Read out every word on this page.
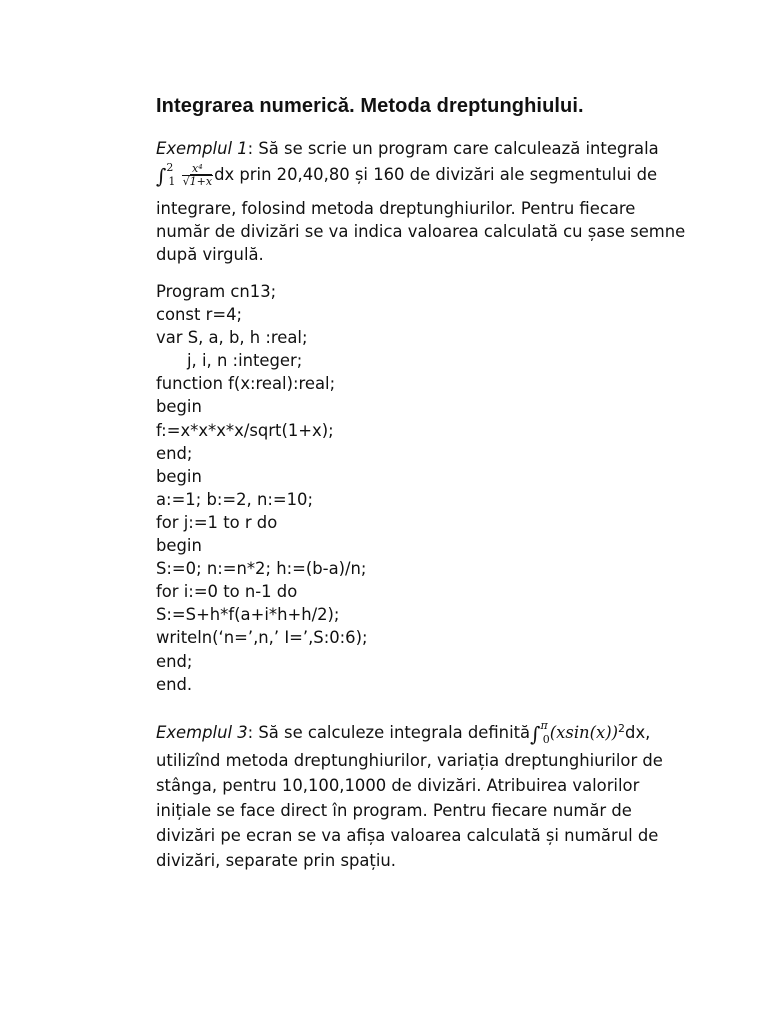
Integrarea numerică. Metoda dreptunghiului.
Exemplul 1: Să se scrie un program care calculează integrala
$\int^2_1 \frac{\text{x⁴}}{√1+x}$ dx prin 20,40,80 și 160 de divizări ale segmentului de
integrare, folosind metoda dreptunghiurilor. Pentru fiecare
număr de divizări se va indica valoarea calculată cu șase semne
după virgulă.
Program cn13;
const r=4;
var S, a, b, h :real;
j, i, n :integer;
function f(x:real):real;
begin
f:=x*x*x*x/sqrt(1+x);
end;
begin
a:=1; b:=2, n:=10;
for j:=1 to r do
begin
S:=0; n:=n*2; h:=(b-a)/n;
for i:=0 to n-1 do
S:=S+h*f(a+i*h+h/2);
writeln(‘n=’,n,’ I=’,S:0:6);
end;
end.
Exemplul 3: Să se calculeze integrala $definită\int^\pi_0(xsin(x))^2dx$,
utilizînd metoda dreptunghiurilor, variația dreptunghiurilor de
stânga, pentru 10,100,1000 de divizări. Atribuirea valorilor
inițiale se face direct în program. Pentru fiecare număr de
divizări pe ecran se va afișa valoarea calculată și numărul de
divizări, separate prin spațiu.
